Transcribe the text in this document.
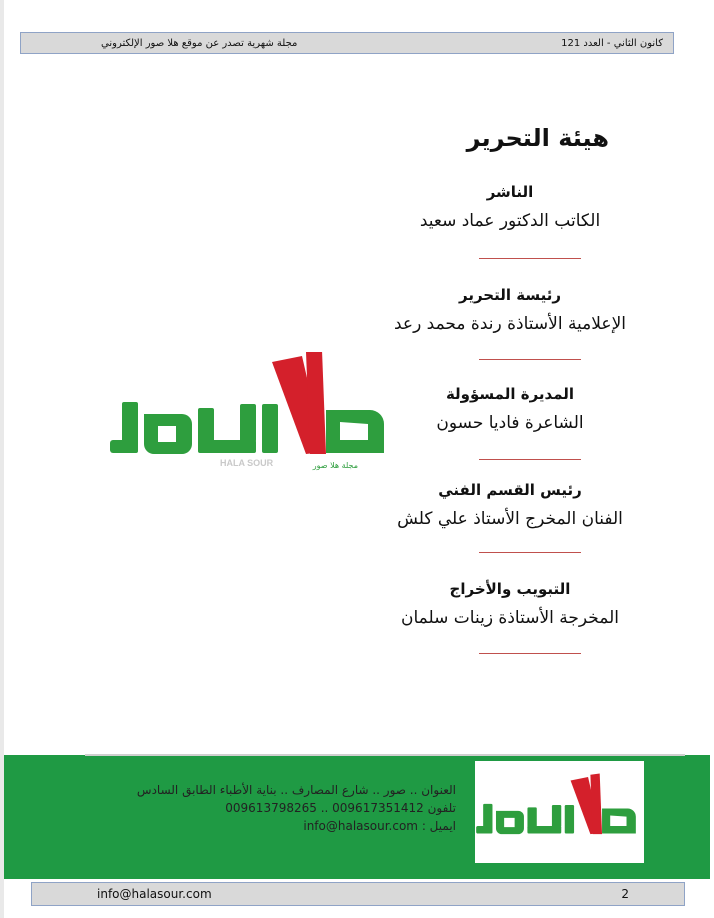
كانون الثاني - العدد 121
مجلة شهرية تصدر عن موقع هلا صور الإلكتروني
هيئة التحرير
الناشر
الكاتب الدكتور عماد سعيد
رئيسة التحرير
الإعلامية الأستاذة رندة محمد رعد
المديرة المسؤولة
الشاعرة فاديا حسون
رئيس القسم الفني
الفنان المخرج الأستاذ علي كلش
التبويب والأخراج
المخرجة الأستاذة زينات سلمان
HALA SOUR	مجلة هلا صور
العنوان .. صور .. شارع المصارف .. بناية الأطباء الطابق السادس
تلفون 009617351412 .. 009613798265
ايميل : info@halasour.com
info@halasour.com	2
